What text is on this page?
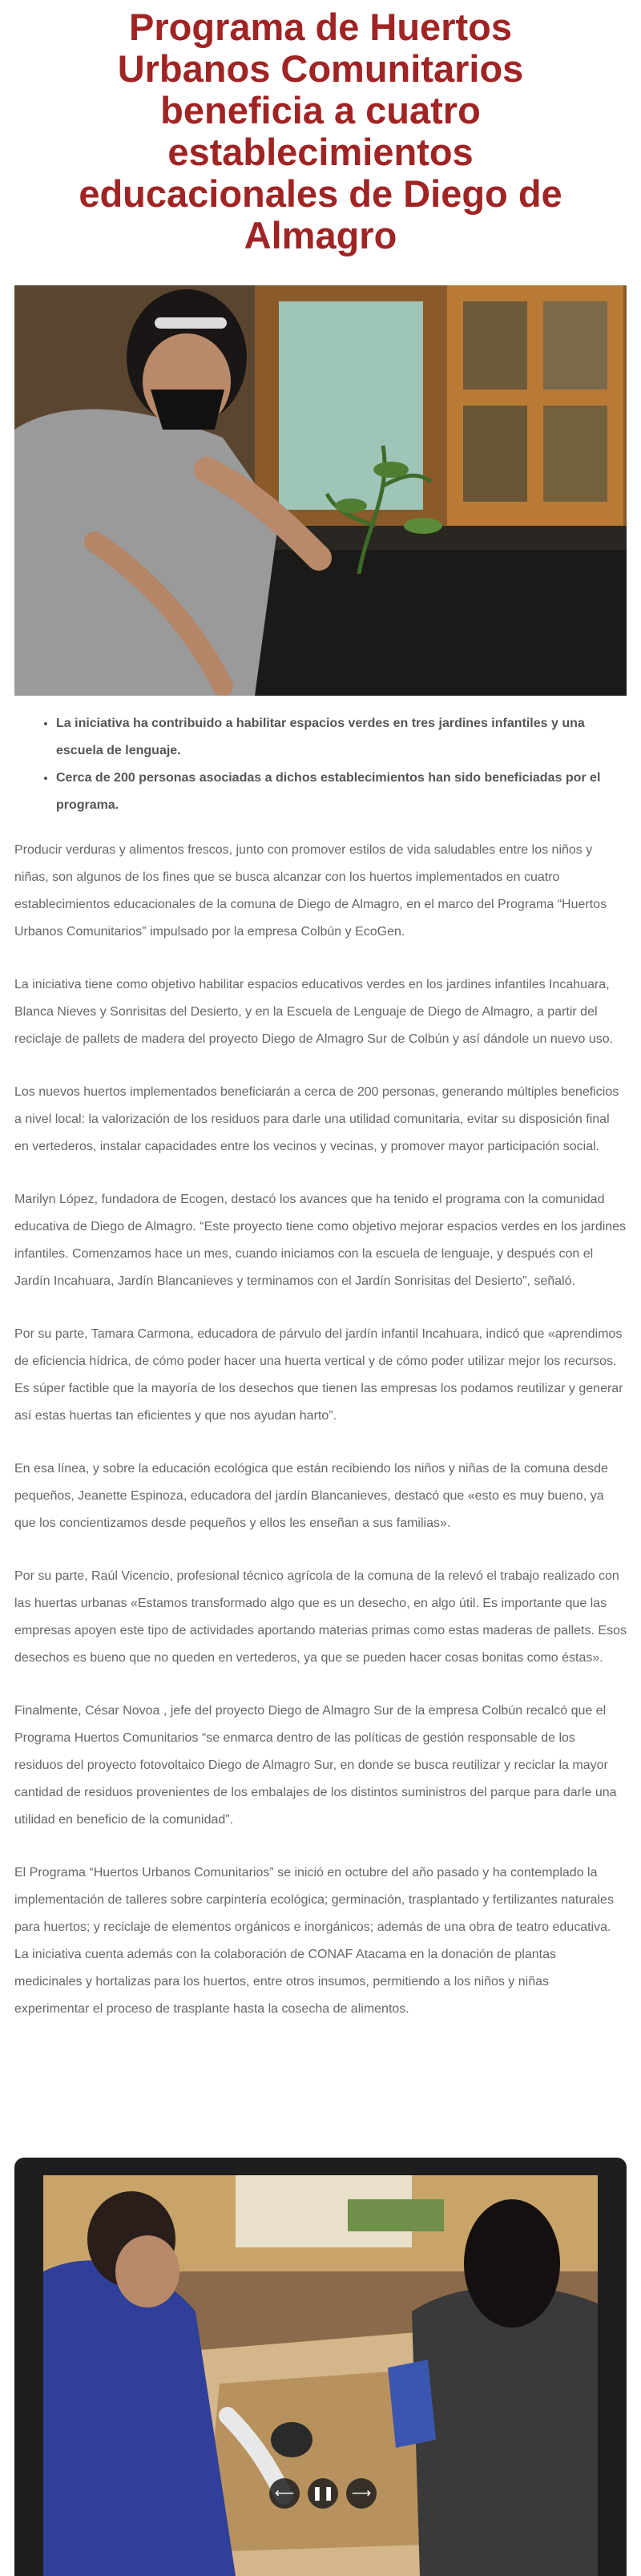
Programa de Huertos Urbanos Comunitarios beneficia a cuatro establecimientos educacionales de Diego de Almagro
• La iniciativa ha contribuido a habilitar espacios verdes en tres jardines infantiles y una escuela de lenguaje.
• Cerca de 200 personas asociadas a dichos establecimientos han sido beneficiadas por el programa.

Producir verduras y alimentos frescos, junto con promover estilos de vida saludables entre los niños y niñas, son algunos de los fines que se busca alcanzar con los huertos implementados en cuatro establecimientos educacionales de la comuna de Diego de Almagro, en el marco del Programa “Huertos Urbanos Comunitarios” impulsado por la empresa Colbún y EcoGen.

La iniciativa tiene como objetivo habilitar espacios educativos verdes en los jardines infantiles Incahuara, Blanca Nieves y Sonrisitas del Desierto, y en la Escuela de Lenguaje de Diego de Almagro, a partir del reciclaje de pallets de madera del proyecto Diego de Almagro Sur de Colbún y así dándole un nuevo uso.

Los nuevos huertos implementados beneficiarán a cerca de 200 personas, generando múltiples beneficios a nivel local: la valorización de los residuos para darle una utilidad comunitaria, evitar su disposición final en vertederos, instalar capacidades entre los vecinos y vecinas, y promover mayor participación social.

Marilyn López, fundadora de Ecogen, destacó los avances que ha tenido el programa con la comunidad educativa de Diego de Almagro. “Este proyecto tiene como objetivo mejorar espacios verdes en los jardines infantiles. Comenzamos hace un mes, cuando iniciamos con la escuela de lenguaje, y después con el Jardín Incahuara, Jardín Blancanieves y terminamos con el Jardín Sonrisitas del Desierto”, señaló.

Por su parte, Tamara Carmona, educadora de párvulo del jardín infantil Incahuara, indicó que «aprendimos de eficiencia hídrica, de cómo poder hacer una huerta vertical y de cómo poder utilizar mejor los recursos. Es súper factible que la mayoría de los desechos que tienen las empresas los podamos reutilizar y generar así estas huertas tan eficientes y que nos ayudan harto”.

En esa línea, y sobre la educación ecológica que están recibiendo los niños y niñas de la comuna desde pequeños, Jeanette Espinoza, educadora del jardín Blancanieves, destacó que «esto es muy bueno, ya que los concientizamos desde pequeños y ellos les enseñan a sus familias».

Por su parte, Raúl Vicencio, profesional técnico agrícola de la comuna de la relevó el trabajo realizado con las huertas urbanas «Estamos transformado algo que es un desecho, en algo útil. Es importante que las empresas apoyen este tipo de actividades aportando materias primas como estas maderas de pallets. Esos desechos es bueno que no queden en vertederos, ya que se pueden hacer cosas bonitas como éstas».

Finalmente, César Novoa , jefe del proyecto Diego de Almagro Sur de la empresa Colbún recalcó que el Programa Huertos Comunitarios “se enmarca dentro de las políticas de gestión responsable de los residuos del proyecto fotovoltaico Diego de Almagro Sur, en donde se busca reutilizar y reciclar la mayor cantidad de residuos provenientes de los embalajes de los distintos suministros del parque para darle una utilidad en beneficio de la comunidad”.

El Programa “Huertos Urbanos Comunitarios” se inició en octubre del año pasado y ha contemplado la implementación de talleres sobre carpintería ecológica; germinación, trasplantado y fertilizantes naturales para huertos; y reciclaje de elementos orgánicos e inorgánicos; además de una obra de teatro educativa. La iniciativa cuenta además con la colaboración de CONAF Atacama en la donación de plantas medicinales y hortalizas para los huertos, entre otros insumos, permitiendo a los niños y niñas experimentar el proceso de trasplante hasta la cosecha de alimentos.

⟵	❚❚	⟶
